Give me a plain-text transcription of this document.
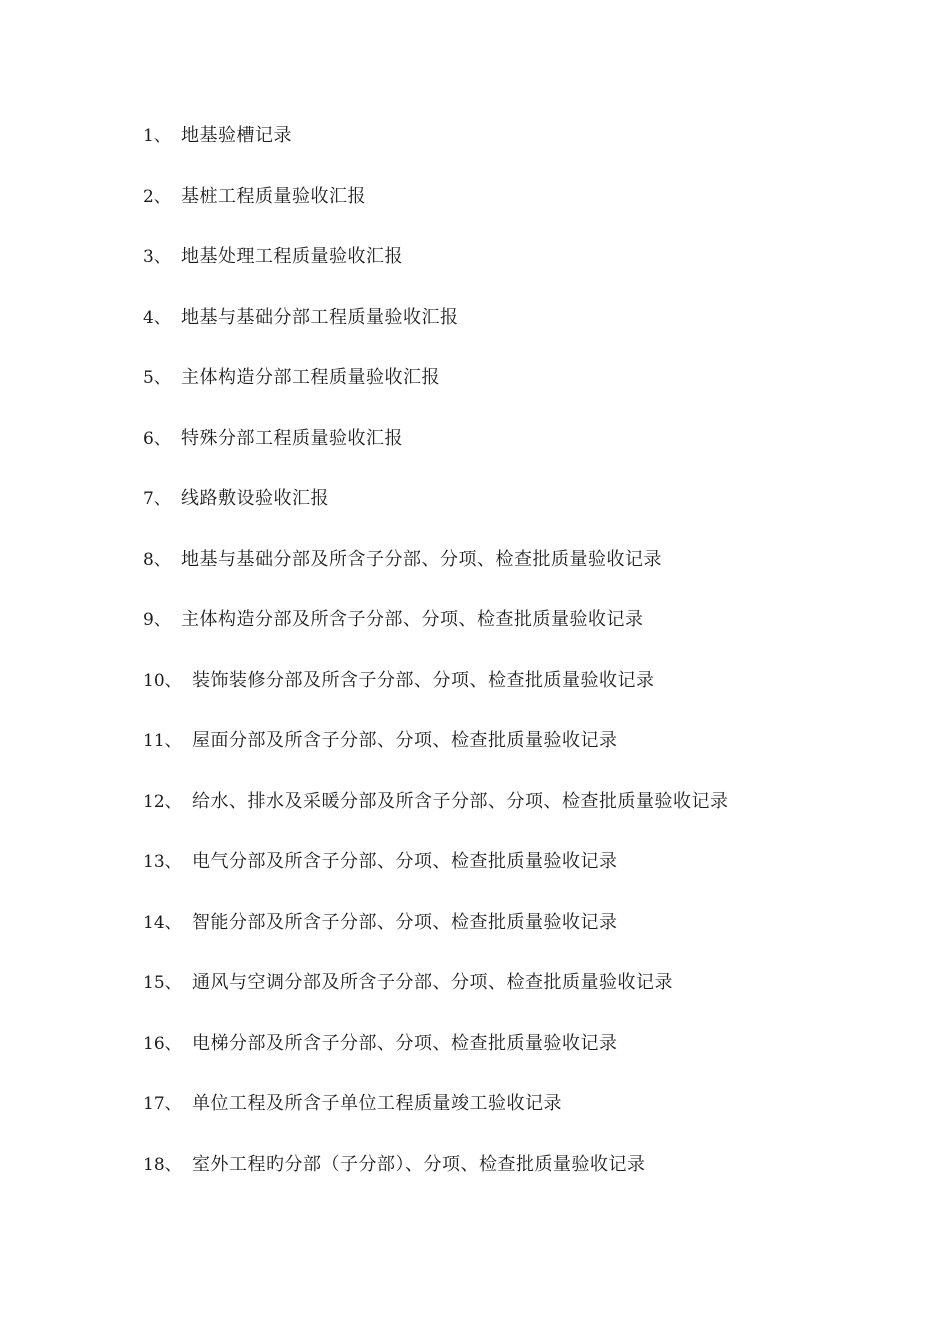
1、 地基验槽记录
2、 基桩工程质量验收汇报
3、 地基处理工程质量验收汇报
4、 地基与基础分部工程质量验收汇报
5、 主体构造分部工程质量验收汇报
6、 特殊分部工程质量验收汇报
7、 线路敷设验收汇报
8、 地基与基础分部及所含子分部、分项、检查批质量验收记录
9、 主体构造分部及所含子分部、分项、检查批质量验收记录
10、 装饰装修分部及所含子分部、分项、检查批质量验收记录
11、 屋面分部及所含子分部、分项、检查批质量验收记录
12、 给水、排水及采暖分部及所含子分部、分项、检查批质量验收记录
13、 电气分部及所含子分部、分项、检查批质量验收记录
14、 智能分部及所含子分部、分项、检查批质量验收记录
15、 通风与空调分部及所含子分部、分项、检查批质量验收记录
16、 电梯分部及所含子分部、分项、检查批质量验收记录
17、 单位工程及所含子单位工程质量竣工验收记录
18、 室外工程旳分部（子分部）、分项、检查批质量验收记录
